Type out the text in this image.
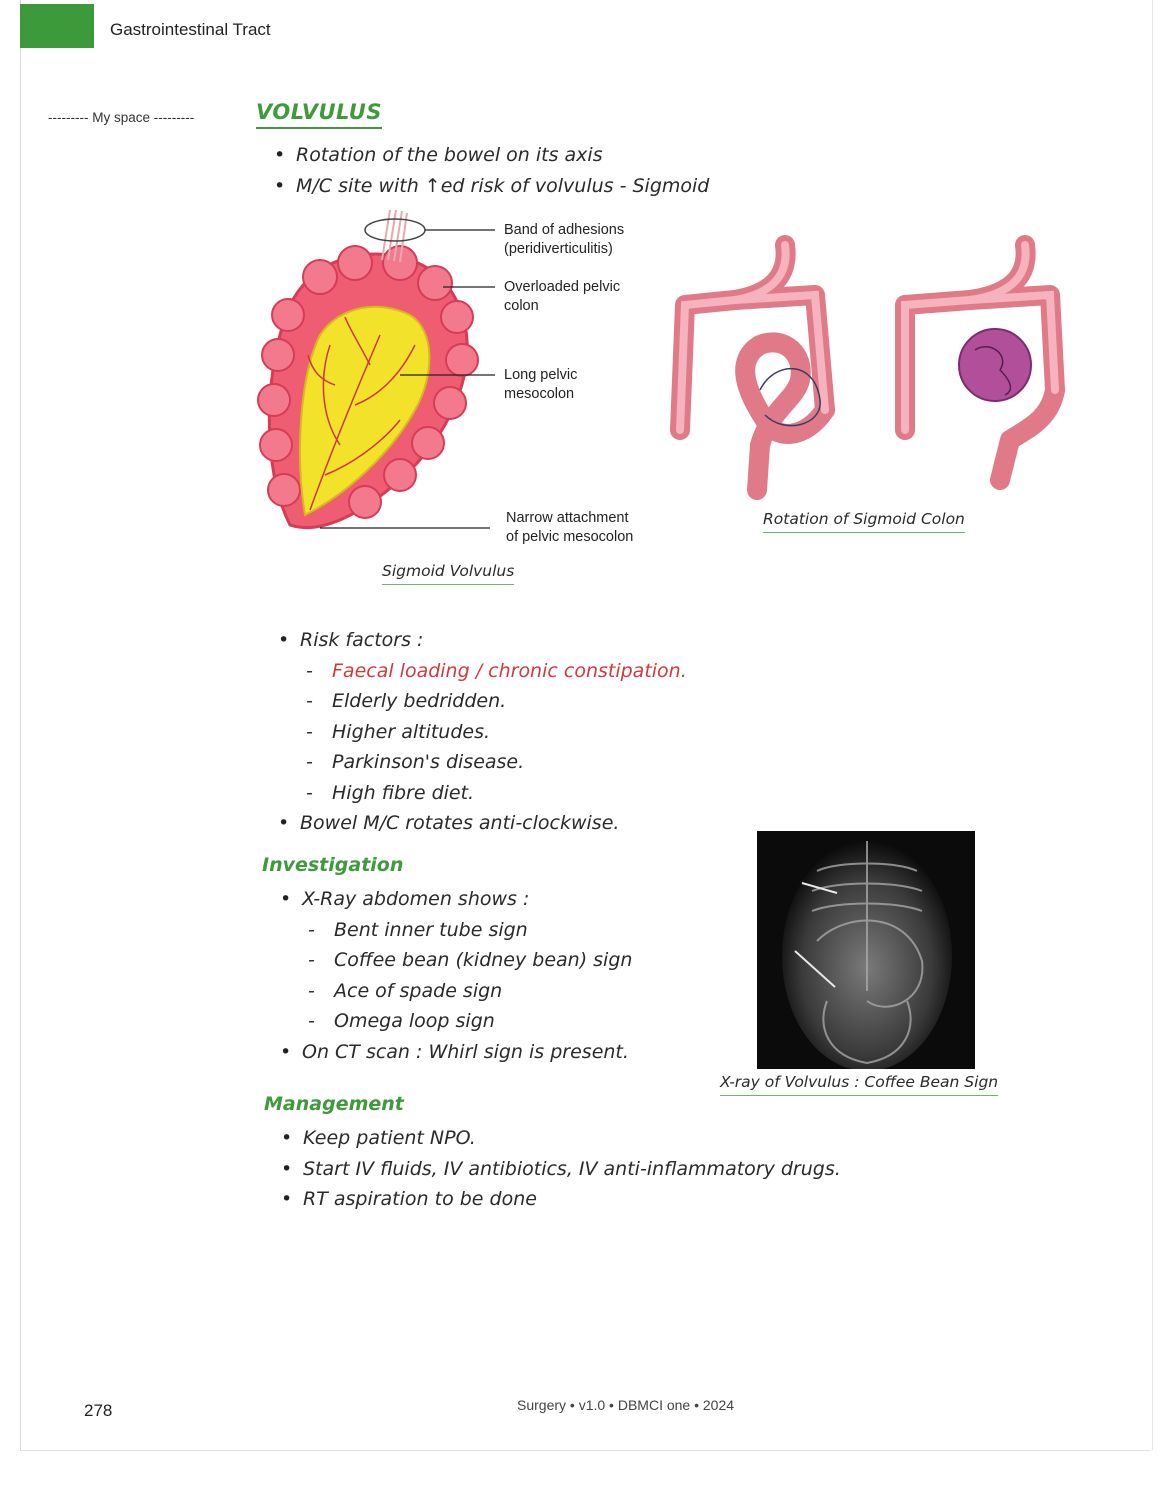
Gastrointestinal Tract
--------- My space ---------	VOLVULUS
• Rotation of the bowel on its axis
• M/C site with ↑ed risk of volvulus - Sigmoid
Band of adhesions
(peridiverticulitis)
Overloaded pelvic
colon
Long pelvic
mesocolon
Narrow attachment
of pelvic mesocolon
Sigmoid Volvulus
Rotation of Sigmoid Colon
• Risk factors :
- Faecal loading / chronic constipation.
- Elderly bedridden.
- Higher altitudes.
- Parkinson's disease.
- High fibre diet.
• Bowel M/C rotates anti-clockwise.
Investigation
• X-Ray abdomen shows :
- Bent inner tube sign
- Coffee bean (kidney bean) sign
- Ace of spade sign
- Omega loop sign
• On CT scan : Whirl sign is present.
X-ray of Volvulus : Coffee Bean Sign
Management
• Keep patient NPO.
• Start IV fluids, IV antibiotics, IV anti-inflammatory drugs.
• RT aspiration to be done
278	Surgery • v1.0 • DBMCI one • 2024
